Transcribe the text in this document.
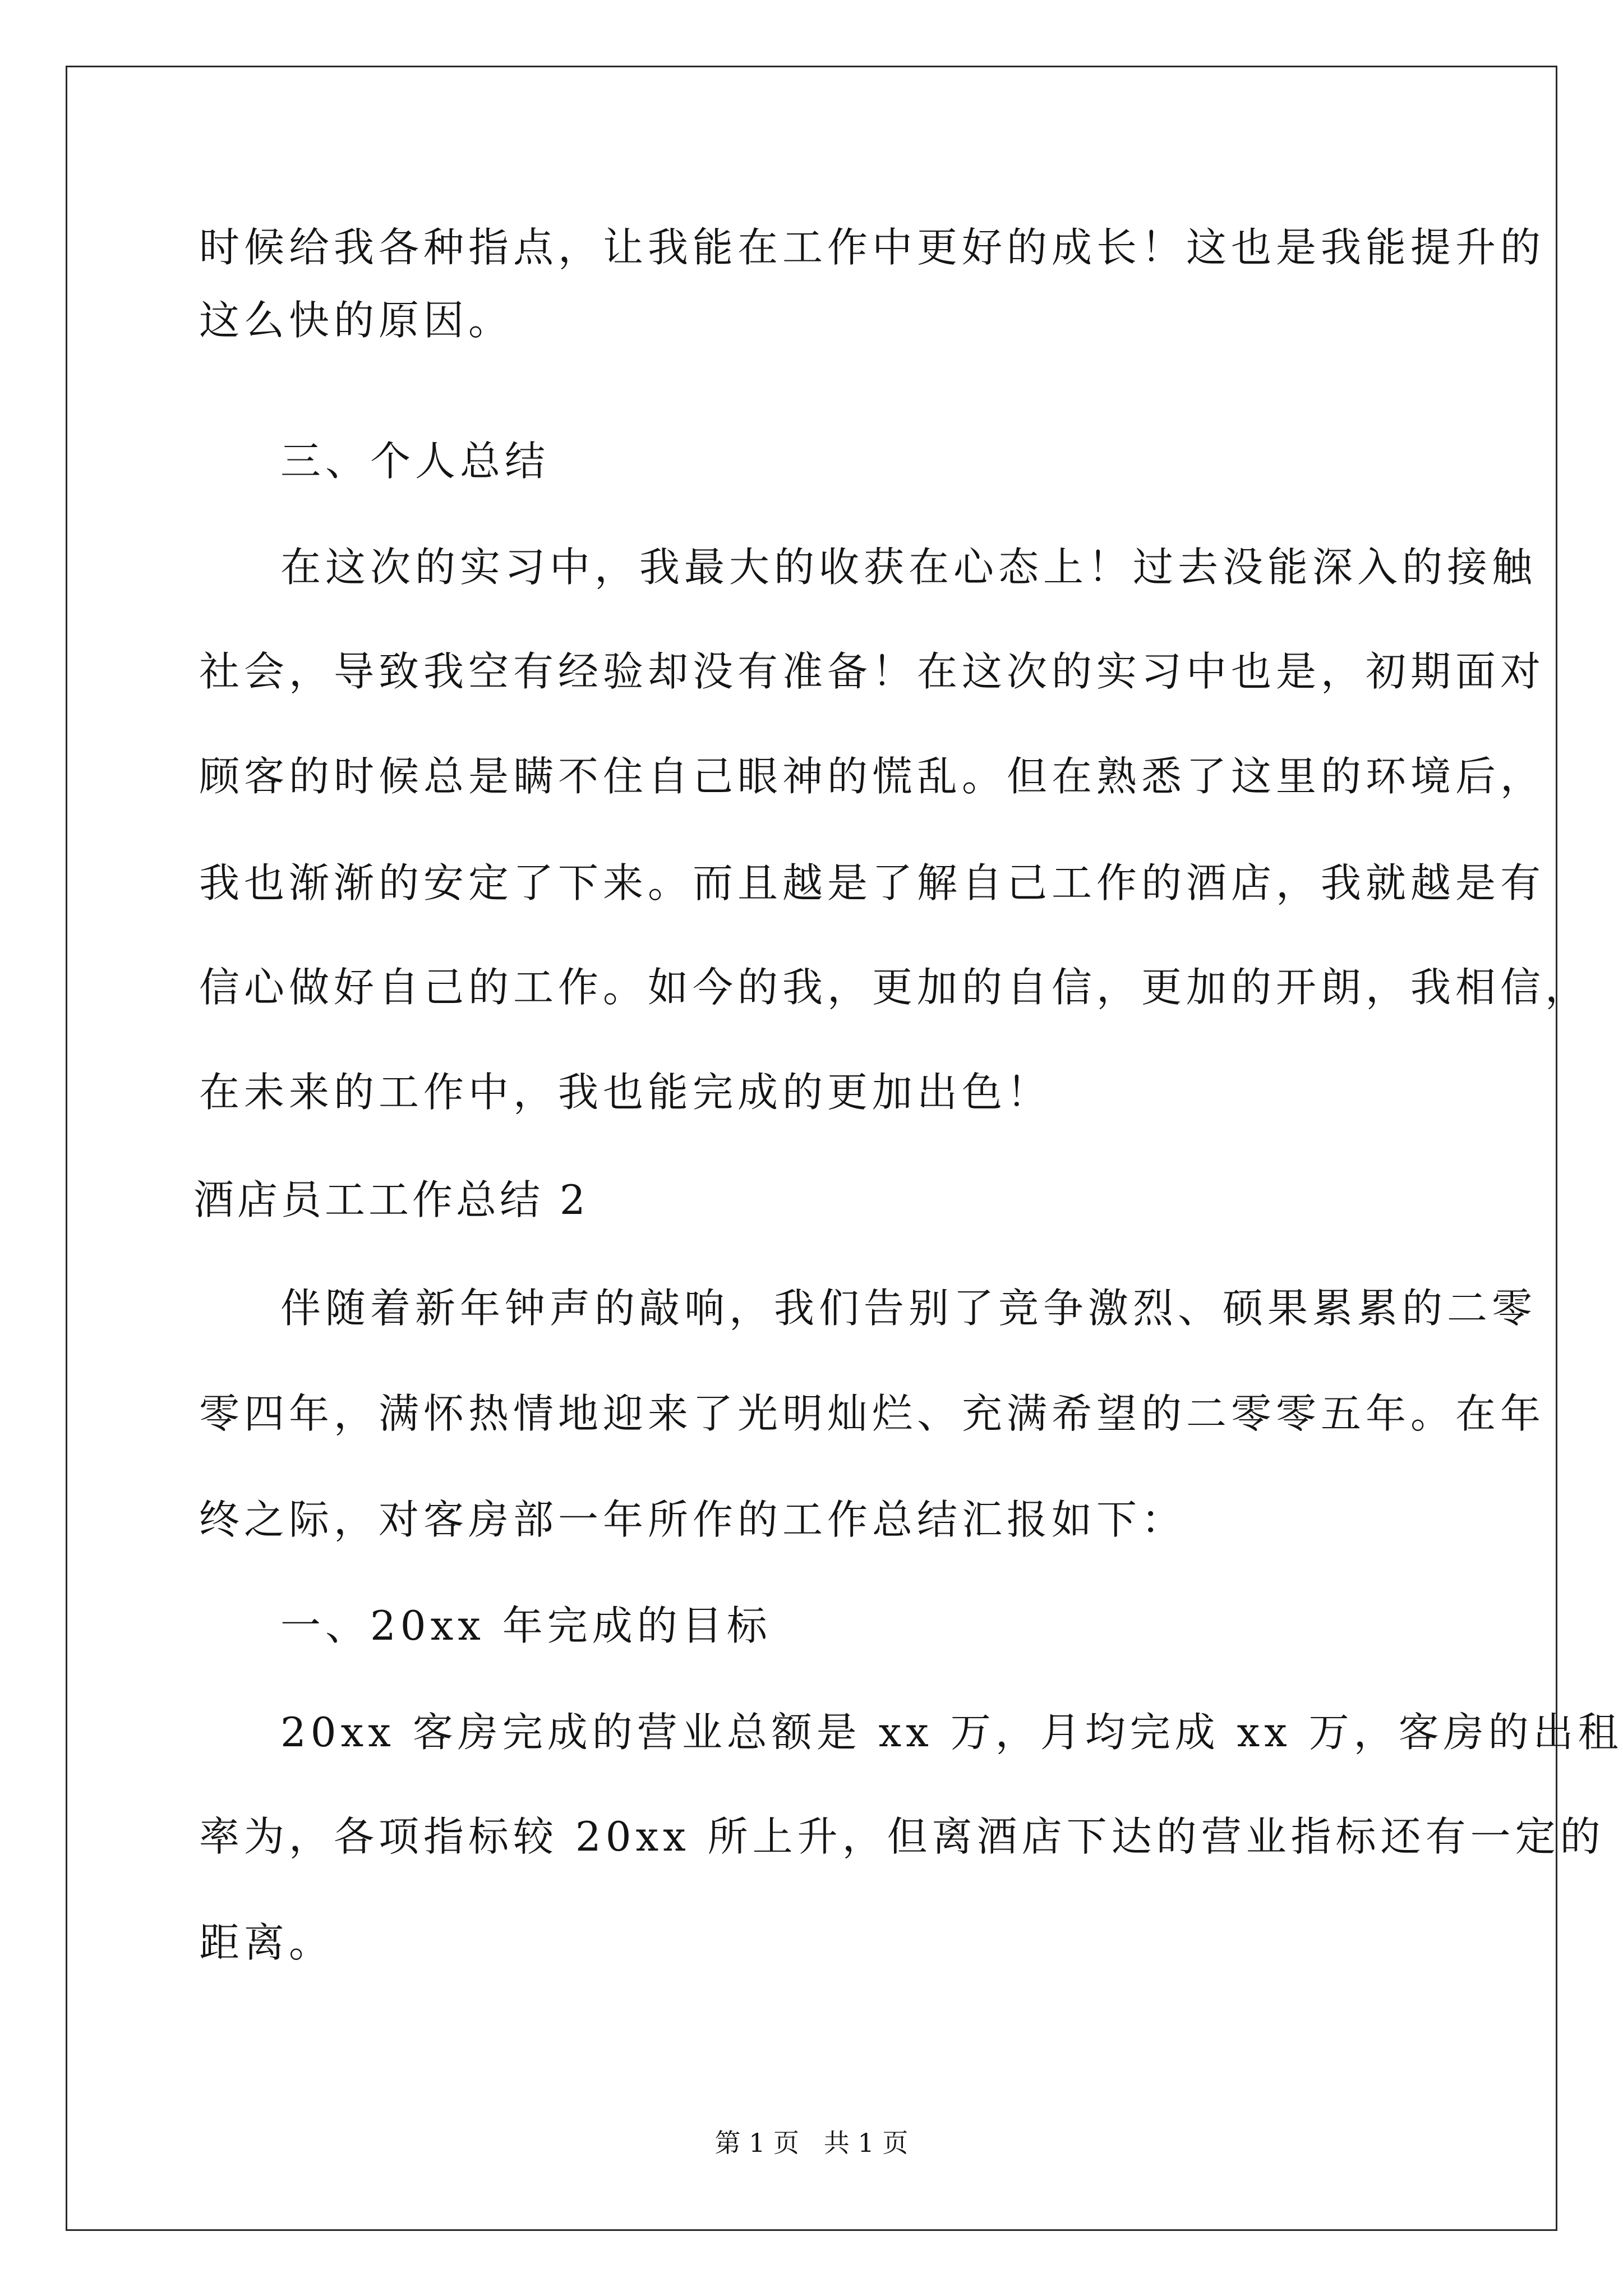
时候给我各种指点，让我能在工作中更好的成长！这也是我能提升的

这么快的原因。

三、个人总结

在这次的实习中，我最大的收获在心态上！过去没能深入的接触

社会，导致我空有经验却没有准备！在这次的实习中也是，初期面对

顾客的时候总是瞒不住自己眼神的慌乱。但在熟悉了这里的环境后，

我也渐渐的安定了下来。而且越是了解自己工作的酒店，我就越是有

信心做好自己的工作。如今的我，更加的自信，更加的开朗，我相信，

在未来的工作中，我也能完成的更加出色！

酒店员工工作总结 2

伴随着新年钟声的敲响，我们告别了竞争激烈、硕果累累的二零

零四年，满怀热情地迎来了光明灿烂、充满希望的二零零五年。在年

终之际，对客房部一年所作的工作总结汇报如下：

一、20xx 年完成的目标

20xx 客房完成的营业总额是 xx 万，月均完成 xx 万，客房的出租

率为，各项指标较 20xx 所上升，但离酒店下达的营业指标还有一定的

距离。

第 1 页   共 1 页
